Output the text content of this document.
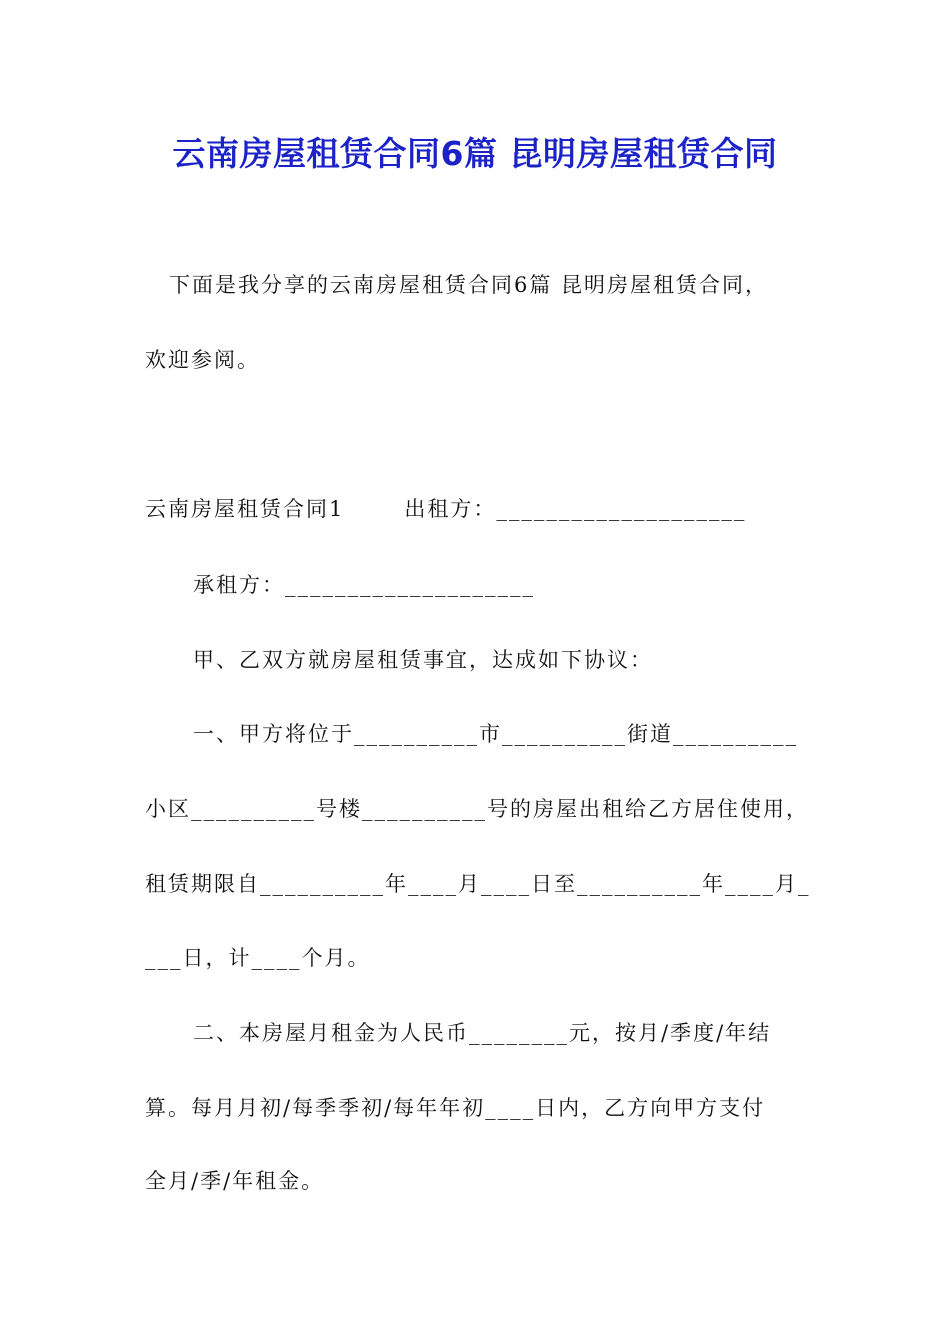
云南房屋租赁合同6篇 昆明房屋租赁合同
下面是我分享的云南房屋租赁合同6篇 昆明房屋租赁合同，
欢迎参阅。
云南房屋租赁合同1	出租方：____________________
承租方：____________________
甲、乙双方就房屋租赁事宜，达成如下协议：
一、甲方将位于__________市__________街道__________
小区__________号楼__________号的房屋出租给乙方居住使用，
租赁期限自__________年____月____日至__________年____月_
___日，计____个月。
二、本房屋月租金为人民币________元，按月/季度/年结
算。每月月初/每季季初/每年年初____日内，乙方向甲方支付
全月/季/年租金。
